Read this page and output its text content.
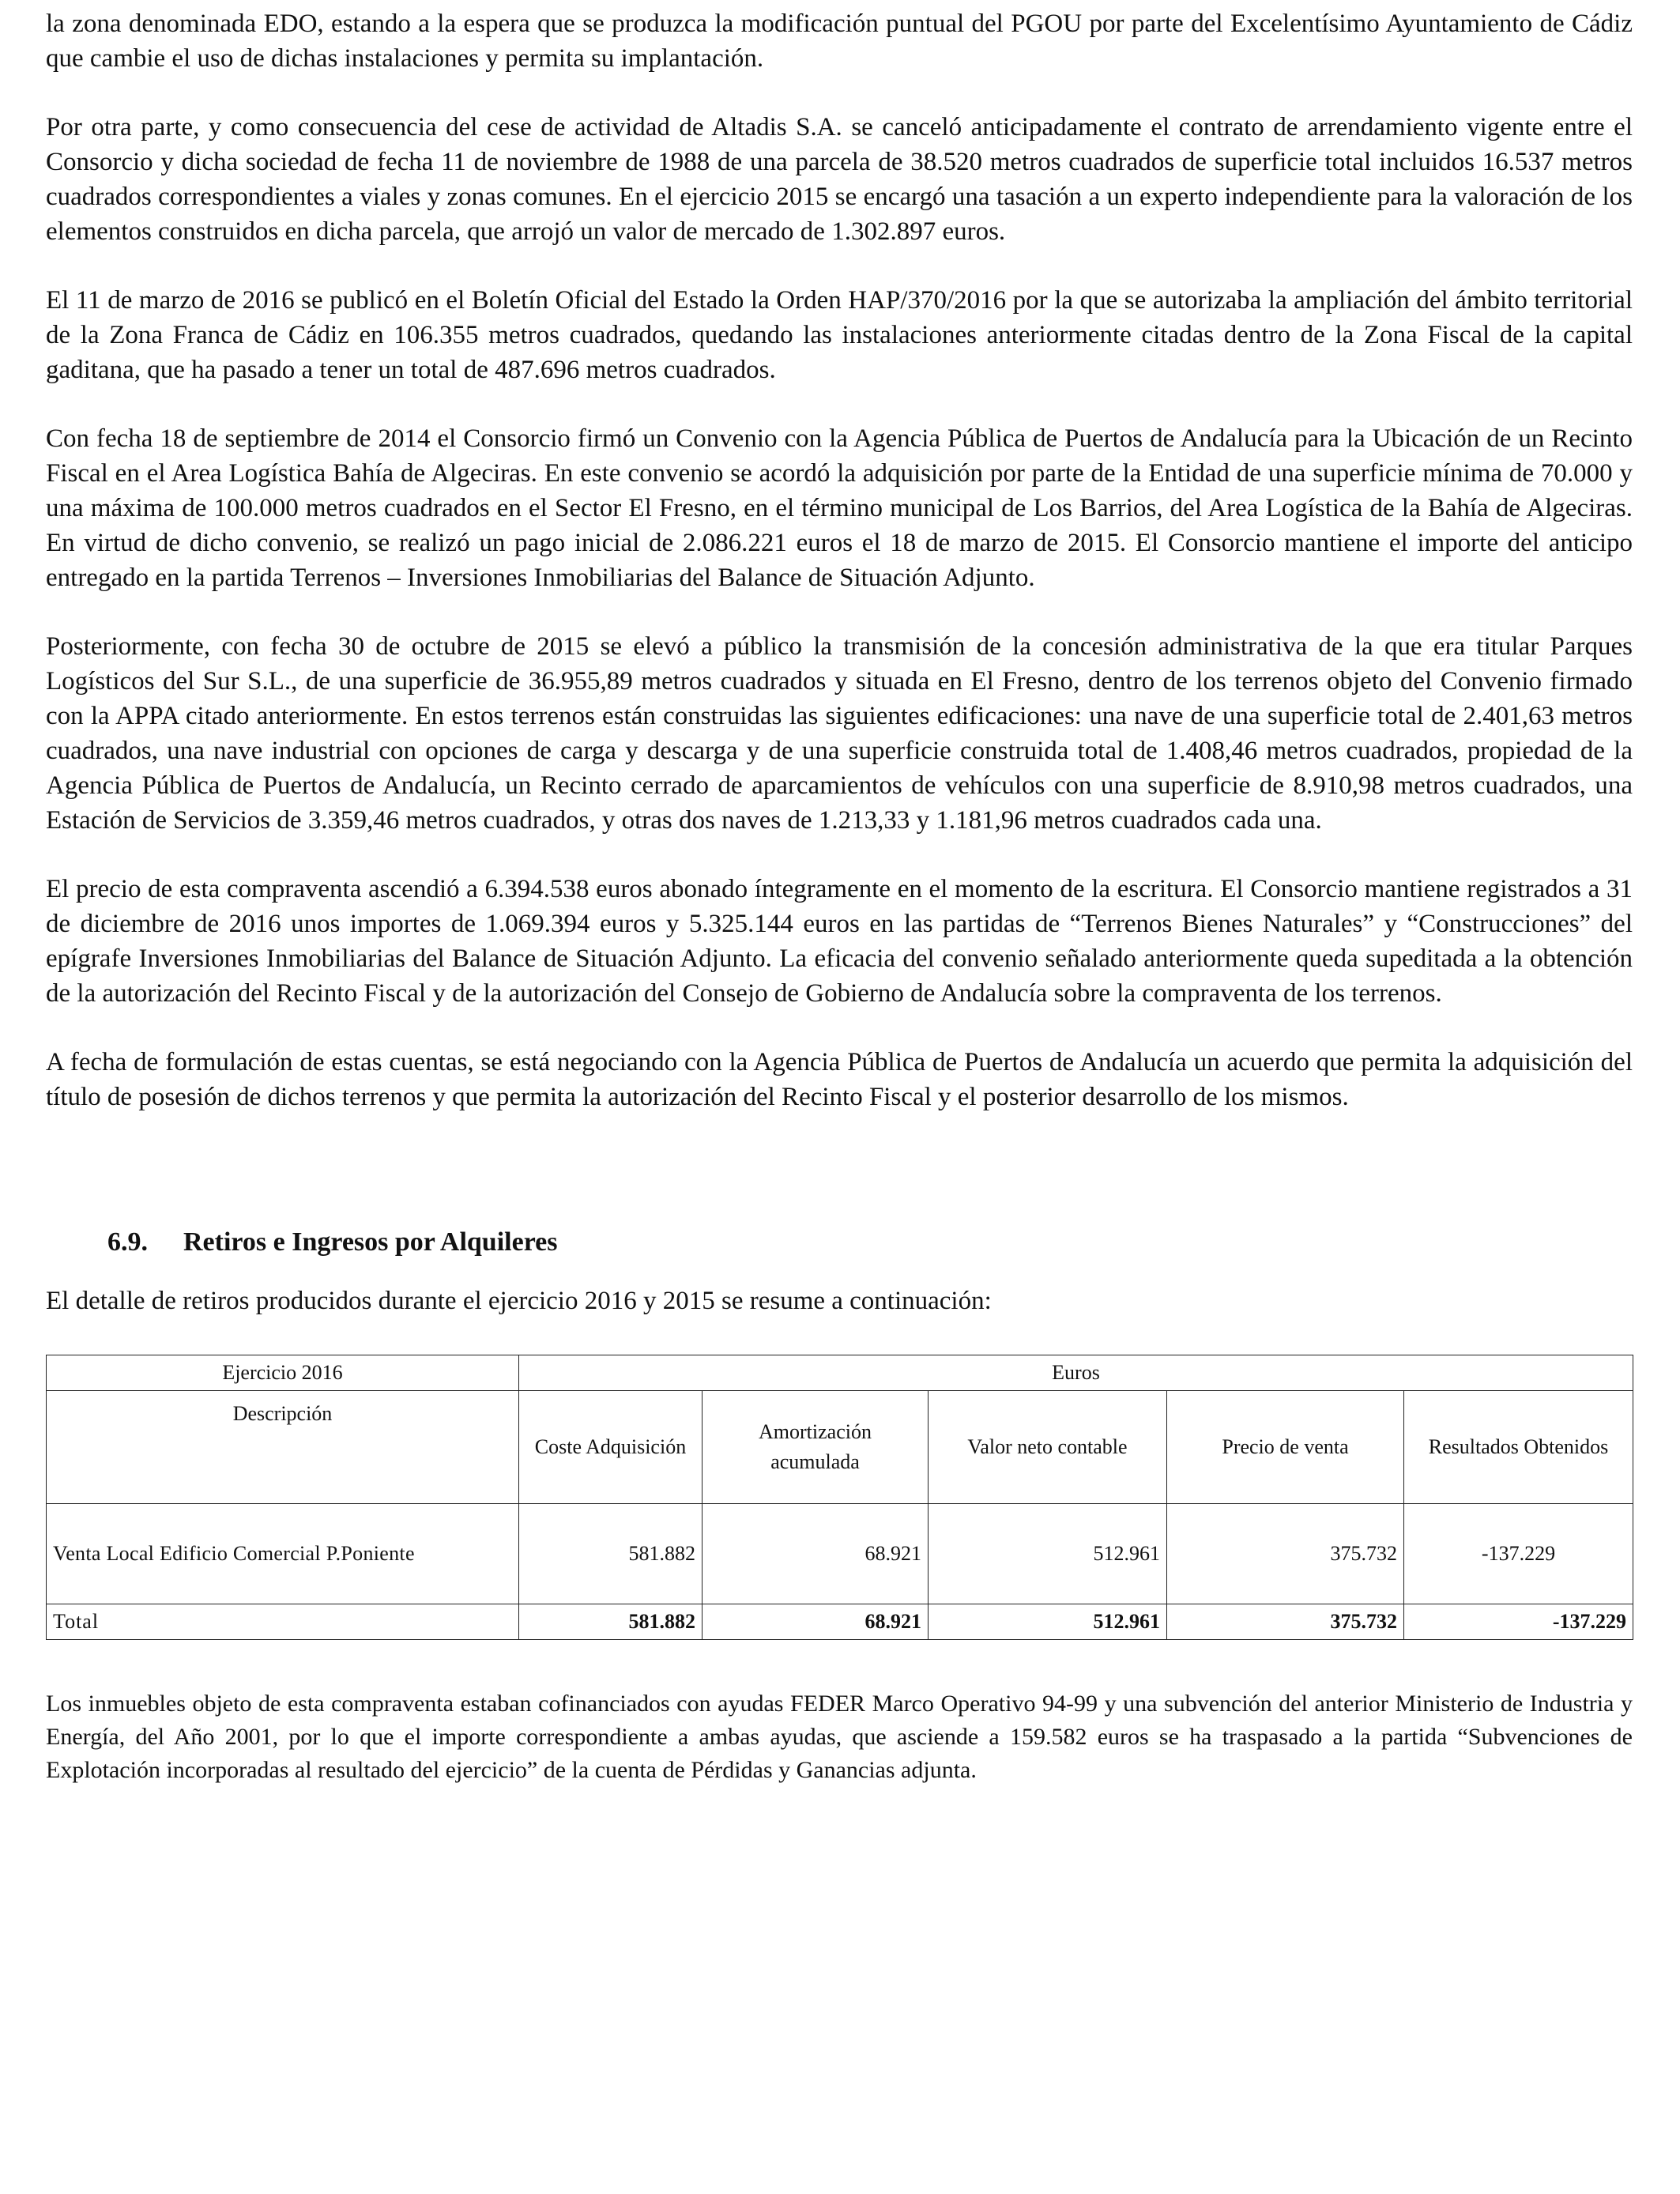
la zona denominada EDO, estando a la espera que se produzca la modificación puntual del PGOU por parte del Excelentísimo Ayuntamiento de Cádiz que cambie el uso de dichas instalaciones y permita su implantación.

Por otra parte, y como consecuencia del cese de actividad de Altadis S.A. se canceló anticipadamente el contrato de arrendamiento vigente entre el Consorcio y dicha sociedad de fecha 11 de noviembre de 1988 de una parcela de 38.520 metros cuadrados de superficie total incluidos 16.537 metros cuadrados correspondientes a viales y zonas comunes. En el ejercicio 2015 se encargó una tasación a un experto independiente para la valoración de los elementos construidos en dicha parcela, que arrojó un valor de mercado de 1.302.897 euros.

El 11 de marzo de 2016 se publicó en el Boletín Oficial del Estado la Orden HAP/370/2016 por la que se autorizaba la ampliación del ámbito territorial de la Zona Franca de Cádiz en 106.355 metros cuadrados, quedando las instalaciones anteriormente citadas dentro de la Zona Fiscal de la capital gaditana, que ha pasado a tener un total de 487.696 metros cuadrados.

Con fecha 18 de septiembre de 2014 el Consorcio firmó un Convenio con la Agencia Pública de Puertos de Andalucía para la Ubicación de un Recinto Fiscal en el Area Logística Bahía de Algeciras. En este convenio se acordó la adquisición por parte de la Entidad de una superficie mínima de 70.000 y una máxima de 100.000 metros cuadrados en el Sector El Fresno, en el término municipal de Los Barrios, del Area Logística de la Bahía de Algeciras. En virtud de dicho convenio, se realizó un pago inicial de 2.086.221 euros el 18 de marzo de 2015. El Consorcio mantiene el importe del anticipo entregado en la partida Terrenos – Inversiones Inmobiliarias del Balance de Situación Adjunto.

Posteriormente, con fecha 30 de octubre de 2015 se elevó a público la transmisión de la concesión administrativa de la que era titular Parques Logísticos del Sur S.L., de una superficie de 36.955,89 metros cuadrados y situada en El Fresno, dentro de los terrenos objeto del Convenio firmado con la APPA citado anteriormente. En estos terrenos están construidas las siguientes edificaciones: una nave de una superficie total de 2.401,63 metros cuadrados, una nave industrial con opciones de carga y descarga y de una superficie construida total de 1.408,46 metros cuadrados, propiedad de la Agencia Pública de Puertos de Andalucía, un Recinto cerrado de aparcamientos de vehículos con una superficie de 8.910,98 metros cuadrados, una Estación de Servicios de 3.359,46 metros cuadrados, y otras dos naves de 1.213,33 y 1.181,96 metros cuadrados cada una.

El precio de esta compraventa ascendió a 6.394.538 euros abonado íntegramente en el momento de la escritura. El Consorcio mantiene registrados a 31 de diciembre de 2016 unos importes de 1.069.394 euros y 5.325.144 euros en las partidas de “Terrenos Bienes Naturales” y “Construcciones” del epígrafe Inversiones Inmobiliarias del Balance de Situación Adjunto. La eficacia del convenio señalado anteriormente queda supeditada a la obtención de la autorización del Recinto Fiscal y de la autorización del Consejo de Gobierno de Andalucía sobre la compraventa de los terrenos.

A fecha de formulación de estas cuentas, se está negociando con la Agencia Pública de Puertos de Andalucía un acuerdo que permita la adquisición del título de posesión de dichos terrenos y que permita la autorización del Recinto Fiscal y el posterior desarrollo de los mismos.

6.9. Retiros e Ingresos por Alquileres

El detalle de retiros producidos durante el ejercicio 2016 y 2015 se resume a continuación:

Ejercicio 2016	Euros				
Descripción	Coste Adquisición	Amortización acumulada	Valor neto contable	Precio de venta	Resultados Obtenidos
Venta Local Edificio Comercial P.Poniente	581.882	68.921	512.961	375.732	-137.229
Total	581.882	68.921	512.961	375.732	-137.229

Los inmuebles objeto de esta compraventa estaban cofinanciados con ayudas FEDER Marco Operativo 94-99 y una subvención del anterior Ministerio de Industria y Energía, del Año 2001, por lo que el importe correspondiente a ambas ayudas, que asciende a 159.582 euros se ha traspasado a la partida “Subvenciones de Explotación incorporadas al resultado del ejercicio” de la cuenta de Pérdidas y Ganancias adjunta.
